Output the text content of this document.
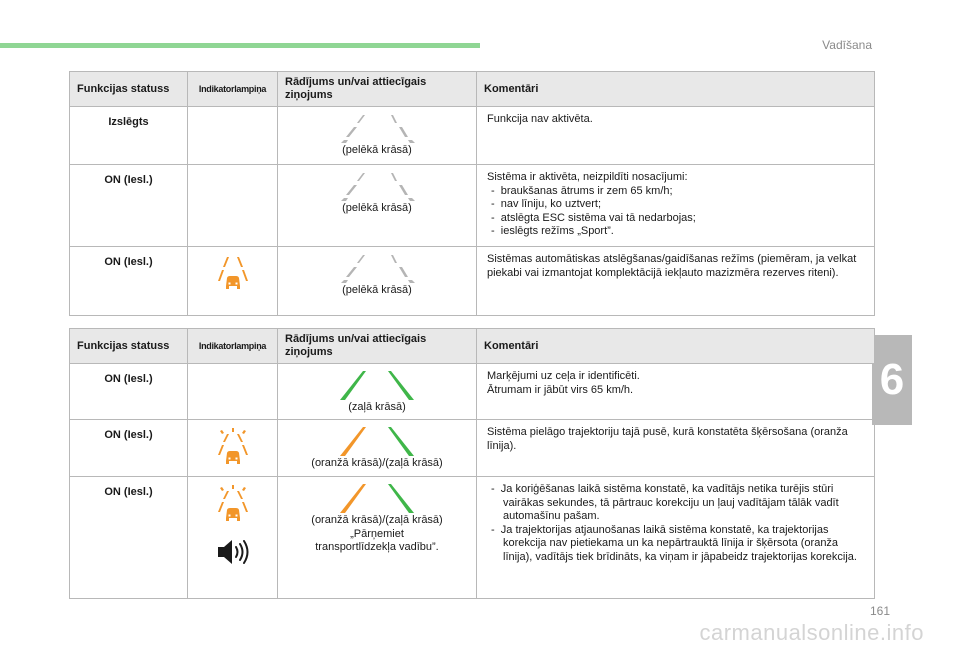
Vadīšana
6
Funkcijas statuss	Indikatorlampiņa	Rādījums un/vai attiecīgais ziņojums	Komentāri
Izslēgts		(pelēkā krāsā)	Funkcija nav aktivēta.

ON (Iesl.)		(pelēkā krāsā)	Sistēma ir aktivēta, neizpildīti nosacījumi:
-  braukšanas ātrums ir zem 65 km/h;
-  nav līniju, ko uztvert;
-  atslēgta ESC sistēma vai tā nedarbojas;
-  ieslēgts režīms „Sport”.

ON (Iesl.)		(pelēkā krāsā)	Sistēmas automātiskas atslēgšanas/gaidīšanas režīms (piemēram, ja velkat piekabi vai izmantojat komplektācijā iekļauto mazizmēra rezerves riteni).
Funkcijas statuss	Indikatorlampiņa	Rādījums un/vai attiecīgais ziņojums	Komentāri
ON (Iesl.)		(zaļā krāsā)	Marķējumi uz ceļa ir identificēti.
Ātrumam ir jābūt virs 65 km/h.

ON (Iesl.)		(oranžā krāsā)/(zaļā krāsā)	Sistēma pielāgo trajektoriju tajā pusē, kurā konstatēta šķērsošana (oranža līnija).

ON (Iesl.)		(oranžā krāsā)/(zaļā krāsā)
„Pārņemiet transportlīdzekļa vadību”.	-  Ja koriģēšanas laikā sistēma konstatē, ka vadītājs netika turējis stūri vairākas sekundes, tā pārtrauc korekciju un ļauj vadītājam tālāk vadīt automašīnu pašam.
-  Ja trajektorijas atjaunošanas laikā sistēma konstatē, ka trajektorijas korekcija nav pietiekama un ka nepārtrauktā līnija ir šķērsota (oranža līnija), vadītājs tiek brīdināts, ka viņam ir jāpabeidz trajektorijas korekcija.
161
carmanualsonline.info
